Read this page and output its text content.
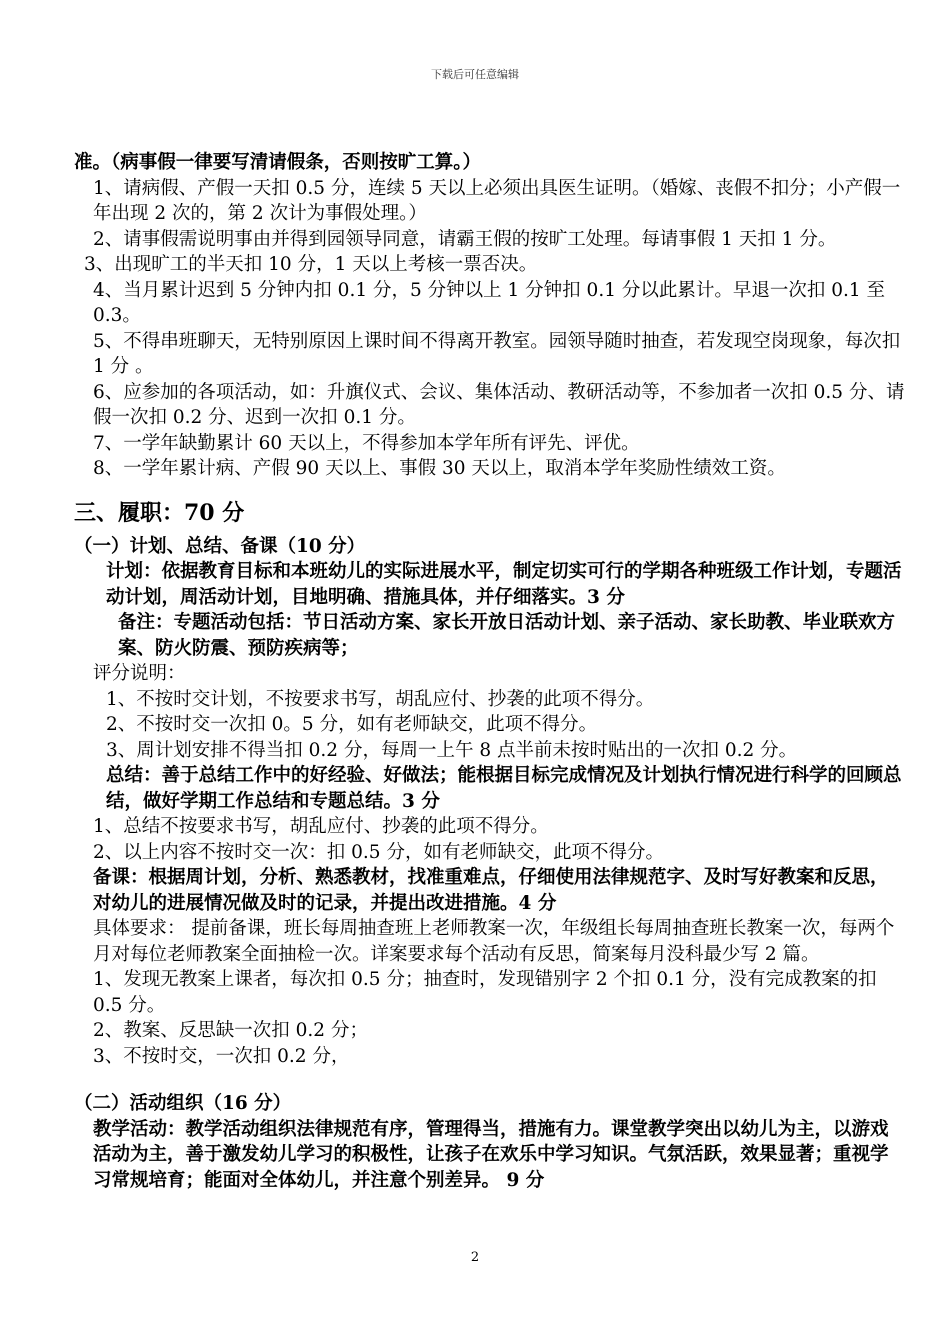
下载后可任意编辑

准。（病事假一律要写清请假条，否则按旷工算。）

1、请病假、产假一天扣 0.5 分，连续 5 天以上必须出具医生证明。（婚嫁、丧假不扣分；小产假一年出现 2 次的，第 2 次计为事假处理。）

2、请事假需说明事由并得到园领导同意，请霸王假的按旷工处理。每请事假 1 天扣 1 分。

3、出现旷工的半天扣 10 分，1 天以上考核一票否决。

4、当月累计迟到 5 分钟内扣 0.1 分，5 分钟以上 1 分钟扣 0.1 分以此累计。早退一次扣 0.1 至 0.3。

5、不得串班聊天，无特别原因上课时间不得离开教室。园领导随时抽查，若发现空岗现象，每次扣 1 分 。

6、应参加的各项活动，如：升旗仪式、会议、集体活动、教研活动等，不参加者一次扣 0.5 分、请假一次扣 0.2 分、迟到一次扣 0.1 分。

7、一学年缺勤累计 60 天以上，不得参加本学年所有评先、评优。

8、一学年累计病、产假 90 天以上、事假 30 天以上，取消本学年奖励性绩效工资。

三、履职：70 分

（一）计划、总结、备课（10 分）

计划：依据教育目标和本班幼儿的实际进展水平，制定切实可行的学期各种班级工作计划，专题活动计划，周活动计划，目地明确、措施具体，并仔细落实。3 分

备注：专题活动包括：节日活动方案、家长开放日活动计划、亲子活动、家长助教、毕业联欢方案、防火防震、预防疾病等；

评分说明：

1、不按时交计划，不按要求书写，胡乱应付、抄袭的此项不得分。

2、不按时交一次扣 0。5 分，如有老师缺交，此项不得分。

3、周计划安排不得当扣 0.2 分，每周一上午 8 点半前未按时贴出的一次扣 0.2 分。

总结：善于总结工作中的好经验、好做法；能根据目标完成情况及计划执行情况进行科学的回顾总结，做好学期工作总结和专题总结。3 分

1、总结不按要求书写，胡乱应付、抄袭的此项不得分。

2、以上内容不按时交一次：扣 0.5 分，如有老师缺交，此项不得分。

备课：根据周计划，分析、熟悉教材，找准重难点，仔细使用法律规范字、及时写好教案和反思，对幼儿的进展情况做及时的记录，并提出改进措施。4 分

具体要求： 提前备课，班长每周抽查班上老师教案一次，年级组长每周抽查班长教案一次，每两个月对每位老师教案全面抽检一次。详案要求每个活动有反思，简案每月没科最少写 2 篇。

1、发现无教案上课者，每次扣 0.5 分；抽查时，发现错别字 2 个扣 0.1 分，没有完成教案的扣 0.5 分。

2、教案、反思缺一次扣 0.2 分；

3、不按时交，一次扣 0.2 分，

（二）活动组织（16 分）

教学活动：教学活动组织法律规范有序，管理得当，措施有力。课堂教学突出以幼儿为主，以游戏活动为主，善于激发幼儿学习的积极性，让孩子在欢乐中学习知识。气氛活跃，效果显著；重视学习常规培育；能面对全体幼儿，并注意个别差异。 9 分

2
